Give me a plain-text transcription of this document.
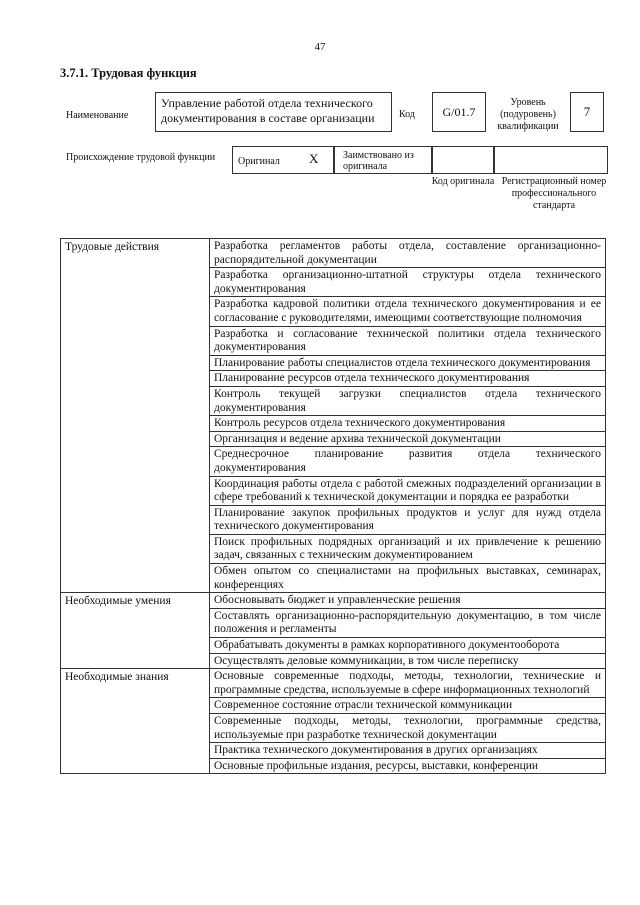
47
3.7.1. Трудовая функция
Наименование
Управление работой отдела технического документирования в составе организации	Код	G/01.7
Уровень (подуровень) квалификации
7
Происхождение трудовой функции	Оригинал X	Заимствовано из оригинала
Код оригинала Регистрационный номер профессионального стандарта
Трудовые действия	Разработка регламентов работы отдела, составление организационно-распорядительной документации
	Разработка организационно-штатной структуры отдела технического документирования
	Разработка кадровой политики отдела технического документирования и ее согласование с руководителями, имеющими соответствующие полномочия
	Разработка и согласование технической политики отдела технического документирования
	Планирование работы специалистов отдела технического документирования
	Планирование ресурсов отдела технического документирования
	Контроль текущей загрузки специалистов отдела технического документирования
	Контроль ресурсов отдела технического документирования
	Организация и ведение архива технической документации
	Среднесрочное планирование развития отдела технического документирования
	Координация работы отдела с работой смежных подразделений организации в сфере требований к технической документации и порядка ее разработки
	Планирование закупок профильных продуктов и услуг для нужд отдела технического документирования
	Поиск профильных подрядных организаций и их привлечение к решению задач, связанных с техническим документированием
	Обмен опытом со специалистами на профильных выставках, семинарах, конференциях
Необходимые умения	Обосновывать бюджет и управленческие решения
	Составлять организационно-распорядительную документацию, в том числе положения и регламенты
	Обрабатывать документы в рамках корпоративного документооборота
	Осуществлять деловые коммуникации, в том числе переписку
Необходимые знания	Основные современные подходы, методы, технологии, технические и программные средства, используемые в сфере информационных технологий
	Современное состояние отрасли технической коммуникации
	Современные подходы, методы, технологии, программные средства, используемые при разработке технической документации
	Практика технического документирования в других организациях
	Основные профильные издания, ресурсы, выставки, конференции
